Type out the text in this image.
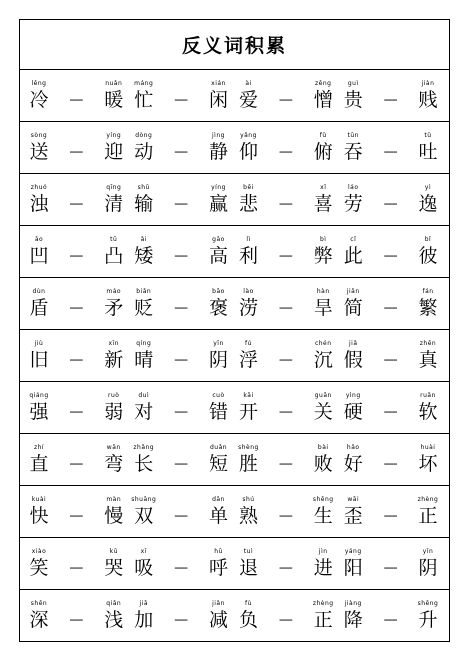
反义词积累
lěng
冷 —
nuǎn
暖
máng
忙 —
xián
闲
ài
爱 —
zēng
憎
guì
贵 —
jiàn
贱
sòng
送 —
yíng
迎
dòng
动 —
jìng
静
yǎng
仰 —
fǔ
俯
tūn
吞 —
tǔ
吐
zhuó
浊 —
qīng
清
shū
输 —
yíng
赢
bēi
悲 —
xǐ
喜
láo
劳 —
yì
逸
āo
凹 —
tū
凸
ǎi
矮 —
gāo
高
lì
利 —
bì
弊
cǐ
此 —
bǐ
彼
dùn
盾 —
máo
矛
biǎn
贬 —
bāo
褒
lào
涝 —
hàn
旱
jiǎn
简 —
fán
繁
jiù
旧 —
xīn
新
qíng
晴 —
yīn
阴
fú
浮 —
chén
沉
jiǎ
假 —
zhēn
真
qiáng
强 —
ruò
弱
duì
对 —
cuò
错
kāi
开 —
guān
关
yìng
硬 —
ruǎn
软
zhí
直 —
wān
弯
zhǎng
长 —
duǎn
短
shèng
胜 —
bài
败
hǎo
好 —
huài
坏
kuài
快 —
màn
慢
shuāng
双 —
dān
单
shú
熟 —
shēng
生
wāi
歪 —
zhèng
正
xiào
笑 —
kū
哭
xī
吸 —
hū
呼
tuì
退 —
jìn
进
yáng
阳 —
yīn
阴
shēn
深 —
qiǎn
浅
jiā
加 —
jiǎn
减
fù
负 —
zhèng
正
jiàng
降 —
shēng
升
